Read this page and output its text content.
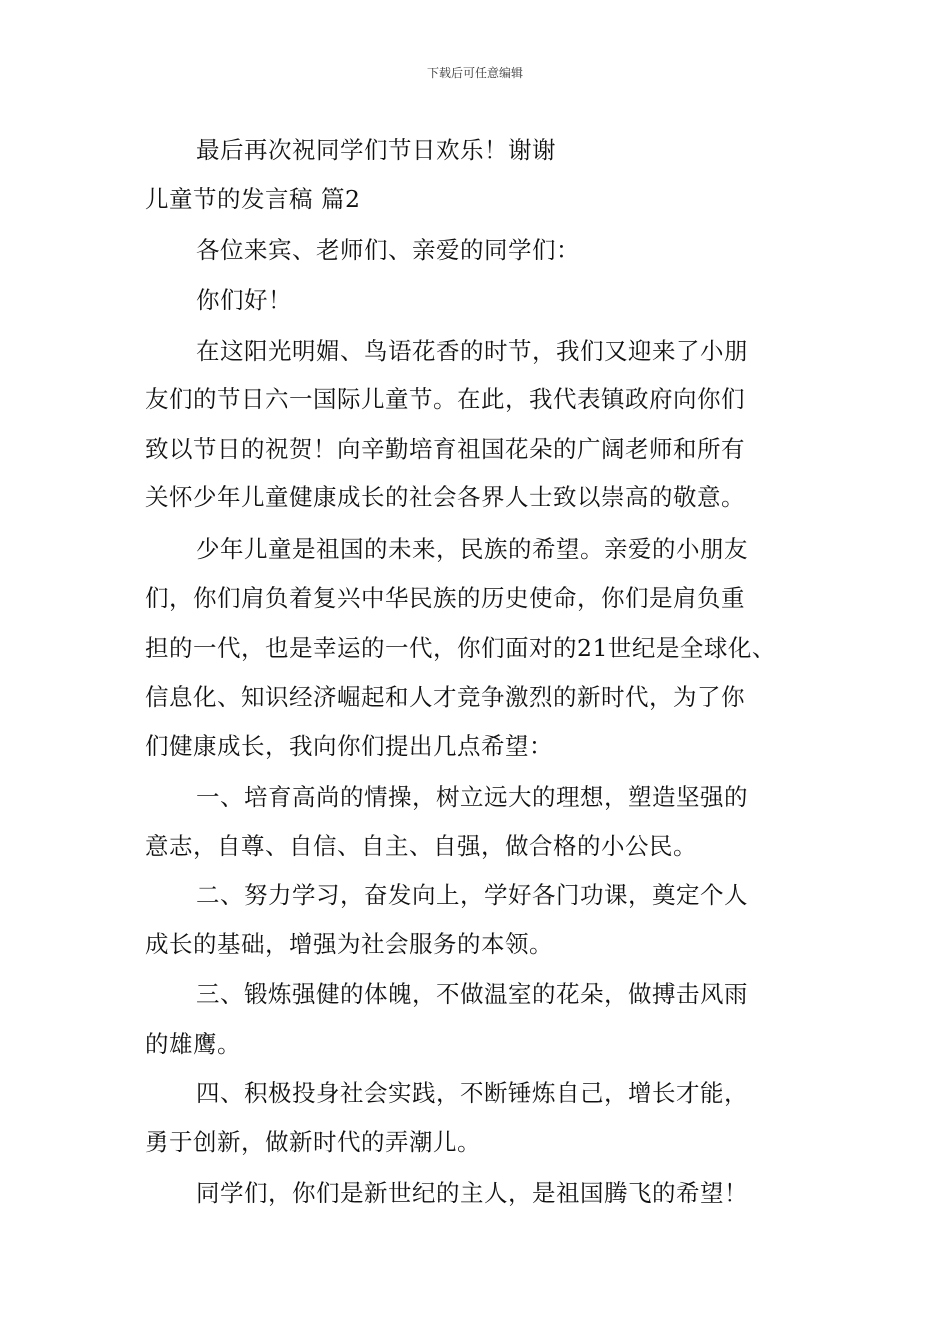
下载后可任意编辑
最后再次祝同学们节日欢乐！谢谢
儿童节的发言稿 篇2
各位来宾、老师们、亲爱的同学们：
你们好！
在这阳光明媚、鸟语花香的时节，我们又迎来了小朋
友们的节日六一国际儿童节。在此，我代表镇政府向你们
致以节日的祝贺！向辛勤培育祖国花朵的广阔老师和所有
关怀少年儿童健康成长的社会各界人士致以崇高的敬意。
少年儿童是祖国的未来，民族的希望。亲爱的小朋友
们，你们肩负着复兴中华民族的历史使命，你们是肩负重
担的一代，也是幸运的一代，你们面对的21世纪是全球化、
信息化、知识经济崛起和人才竞争激烈的新时代，为了你
们健康成长，我向你们提出几点希望：
一、培育高尚的情操，树立远大的理想，塑造坚强的
意志，自尊、自信、自主、自强，做合格的小公民。
二、努力学习，奋发向上，学好各门功课，奠定个人
成长的基础，增强为社会服务的本领。
三、锻炼强健的体魄，不做温室的花朵，做搏击风雨
的雄鹰。
四、积极投身社会实践，不断锤炼自己，增长才能，
勇于创新，做新时代的弄潮儿。
同学们，你们是新世纪的主人，是祖国腾飞的希望！
